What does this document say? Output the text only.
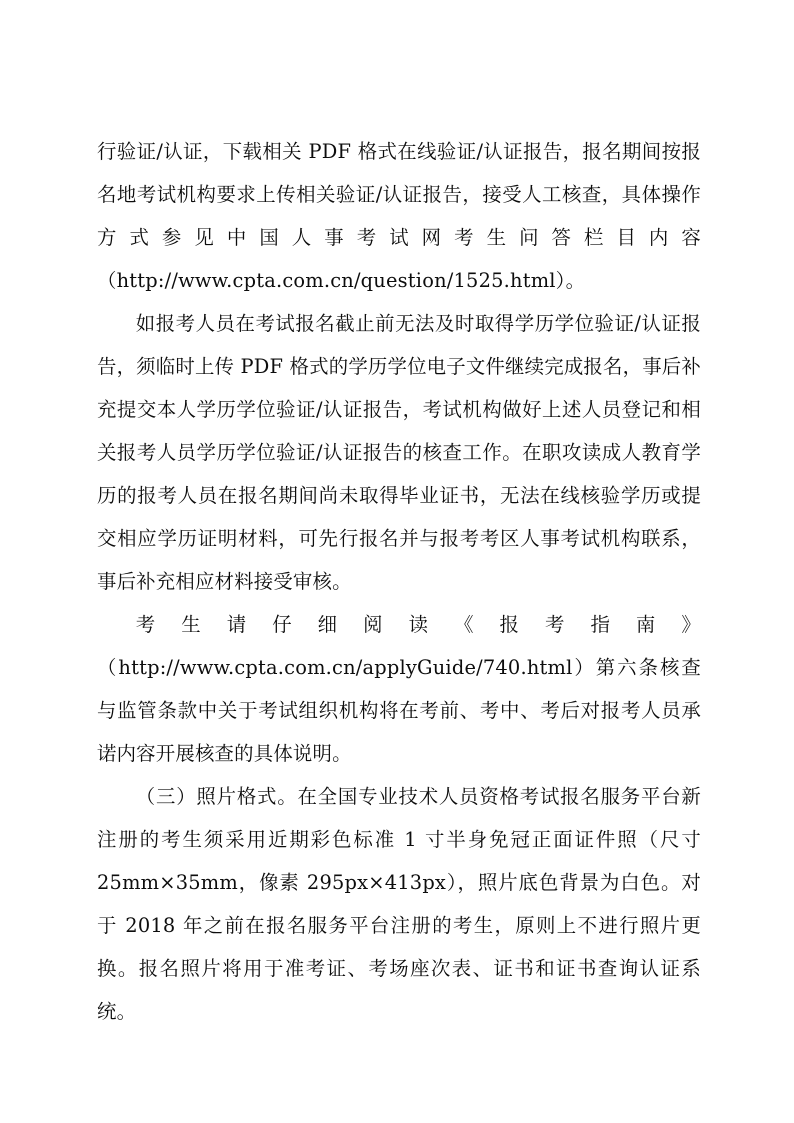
行验证/认证，下载相关 PDF 格式在线验证/认证报告，报名期间按报名地考试机构要求上传相关验证/认证报告，接受人工核查，具体操作方式参见中国人事考试网考生问答栏目内容（http://www.cpta.com.cn/question/1525.html）。

如报考人员在考试报名截止前无法及时取得学历学位验证/认证报告，须临时上传 PDF 格式的学历学位电子文件继续完成报名，事后补充提交本人学历学位验证/认证报告，考试机构做好上述人员登记和相关报考人员学历学位验证/认证报告的核查工作。在职攻读成人教育学历的报考人员在报名期间尚未取得毕业证书，无法在线核验学历或提交相应学历证明材料，可先行报名并与报考考区人事考试机构联系，事后补充相应材料接受审核。

考生请仔细阅读《报考指南》（http://www.cpta.com.cn/applyGuide/740.html）第六条核查与监管条款中关于考试组织机构将在考前、考中、考后对报考人员承诺内容开展核查的具体说明。

（三）照片格式。在全国专业技术人员资格考试报名服务平台新注册的考生须采用近期彩色标准 1 寸半身免冠正面证件照（尺寸 25mm×35mm，像素 295px×413px），照片底色背景为白色。对于 2018 年之前在报名服务平台注册的考生，原则上不进行照片更换。报名照片将用于准考证、考场座次表、证书和证书查询认证系统。
